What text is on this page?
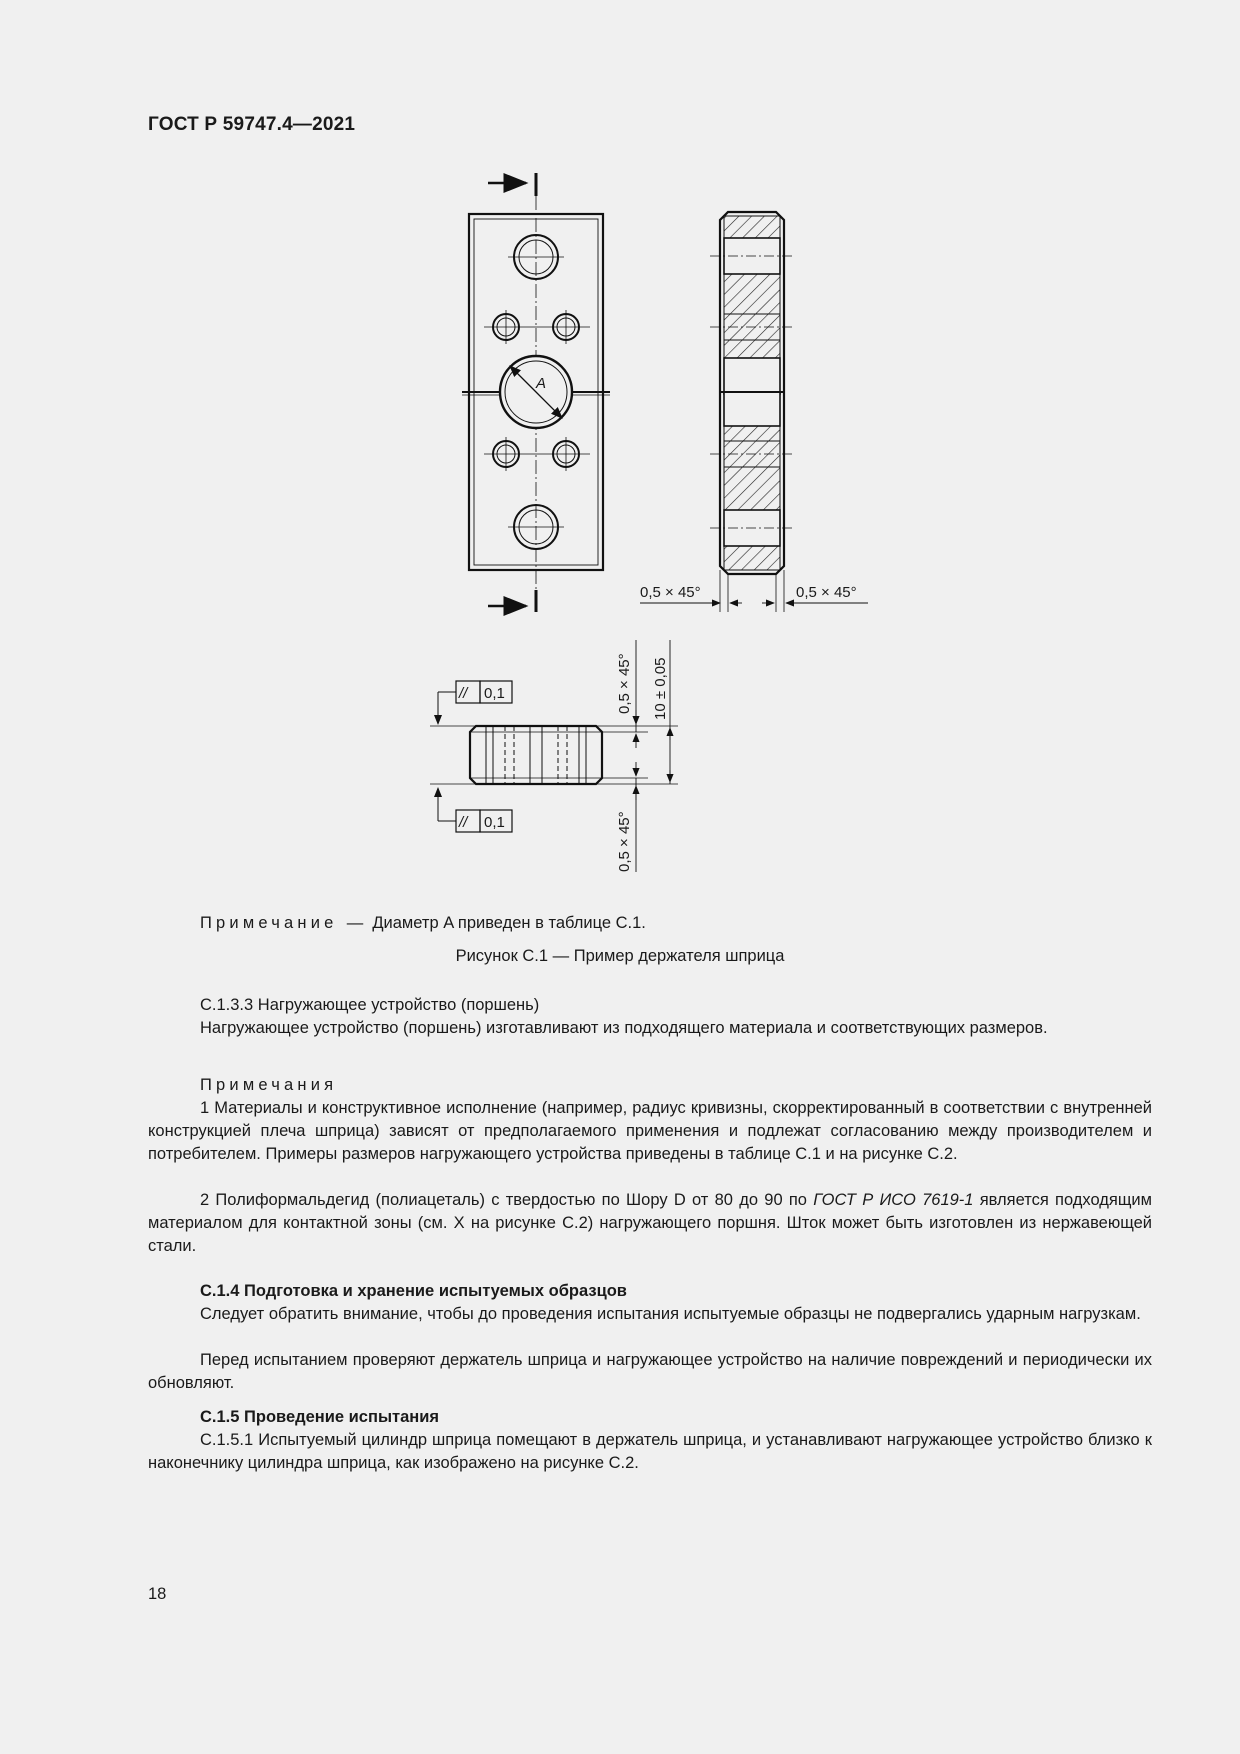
ГОСТ Р 59747.4—2021
A
0,5 × 45°	0,5 × 45°
10 ± 0,05
0,5 × 45°
0,5 × 45°
// 0,1
// 0,1
Примечание — Диаметр A приведен в таблице С.1.
Рисунок С.1 — Пример держателя шприца
С.1.3.3 Нагружающее устройство (поршень)
Нагружающее устройство (поршень) изготавливают из подходящего материала и соответствующих размеров.
Примечания
1 Материалы и конструктивное исполнение (например, радиус кривизны, скорректированный в соответствии с внутренней конструкцией плеча шприца) зависят от предполагаемого применения и подлежат согласованию между производителем и потребителем. Примеры размеров нагружающего устройства приведены в таблице С.1 и на рисунке С.2.
2 Полиформальдегид (полиацеталь) с твердостью по Шору D от 80 до 90 по ГОСТ Р ИСО 7619-1 является подходящим материалом для контактной зоны (см. X на рисунке С.2) нагружающего поршня. Шток может быть изготовлен из нержавеющей стали.
С.1.4 Подготовка и хранение испытуемых образцов
Следует обратить внимание, чтобы до проведения испытания испытуемые образцы не подвергались ударным нагрузкам.
Перед испытанием проверяют держатель шприца и нагружающее устройство на наличие повреждений и периодически их обновляют.
С.1.5 Проведение испытания
С.1.5.1 Испытуемый цилиндр шприца помещают в держатель шприца, и устанавливают нагружающее устройство близко к наконечнику цилиндра шприца, как изображено на рисунке С.2.
18
